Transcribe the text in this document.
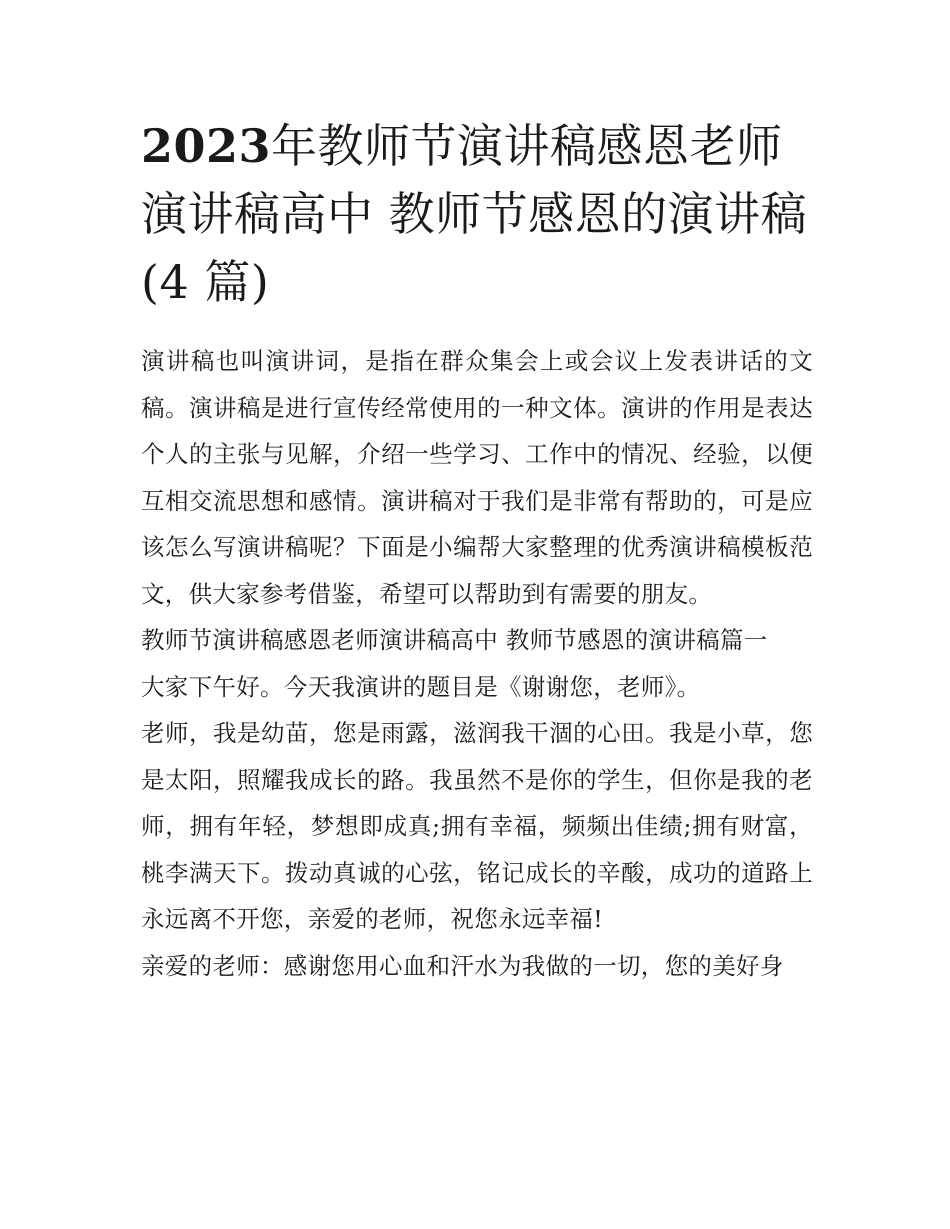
2023年教师节演讲稿感恩老师演讲稿高中 教师节感恩的演讲稿(4 篇)

演讲稿也叫演讲词，是指在群众集会上或会议上发表讲话的文稿。演讲稿是进行宣传经常使用的一种文体。演讲的作用是表达个人的主张与见解，介绍一些学习、工作中的情况、经验，以便互相交流思想和感情。演讲稿对于我们是非常有帮助的，可是应该怎么写演讲稿呢？下面是小编帮大家整理的优秀演讲稿模板范文，供大家参考借鉴，希望可以帮助到有需要的朋友。

教师节演讲稿感恩老师演讲稿高中 教师节感恩的演讲稿篇一

大家下午好。今天我演讲的题目是《谢谢您，老师》。

老师，我是幼苗，您是雨露，滋润我干涸的心田。我是小草，您是太阳，照耀我成长的路。我虽然不是你的学生，但你是我的老师，拥有年轻，梦想即成真;拥有幸福，频频出佳绩;拥有财富，桃李满天下。拨动真诚的心弦，铭记成长的辛酸，成功的道路上永远离不开您，亲爱的老师，祝您永远幸福!

亲爱的老师：感谢您用心血和汗水为我做的一切，您的美好身
